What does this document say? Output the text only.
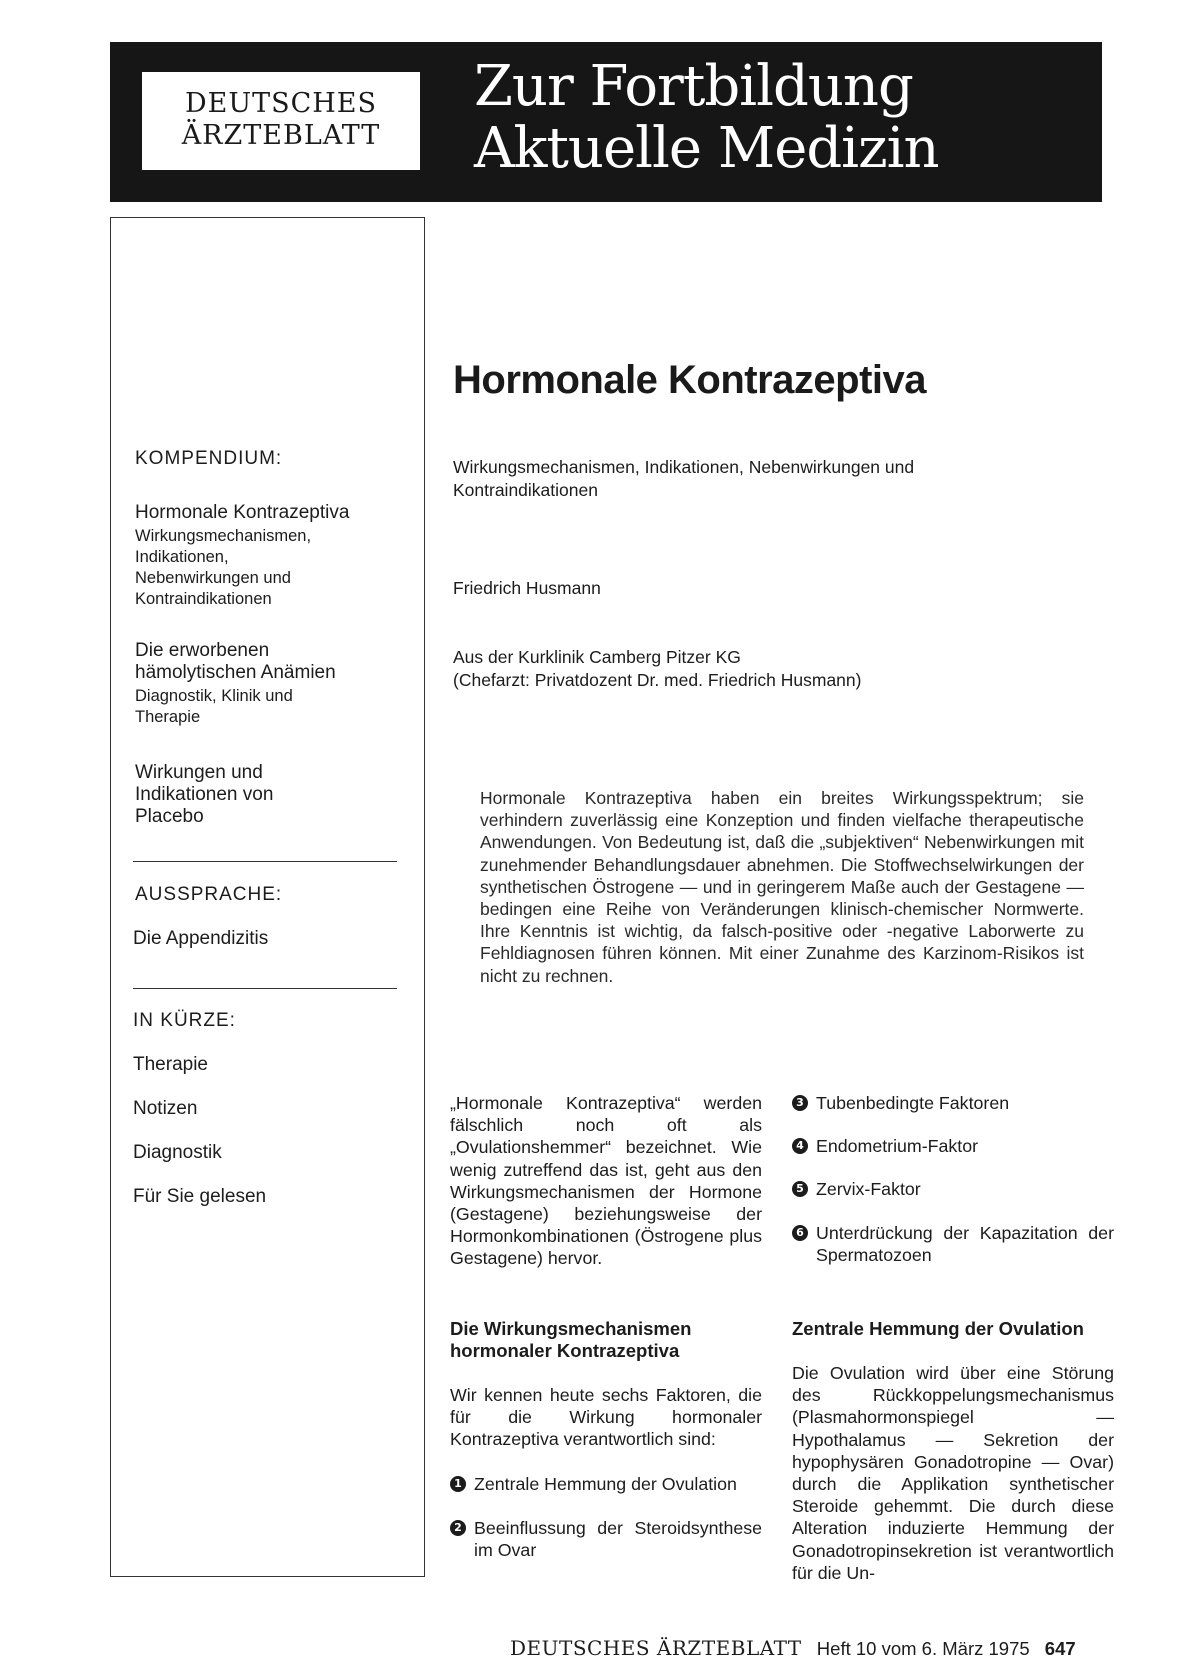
DEUTSCHES
ÄRZTEBLATT
Zur Fortbildung
Aktuelle Medizin

KOMPENDIUM:

Hormonale Kontrazeptiva

Wirkungsmechanismen, Indikationen, Nebenwirkungen und Kontraindikationen

Die erworbenen hämolytischen Anämien

Diagnostik, Klinik und Therapie

Wirkungen und Indikationen von Placebo

AUSSPRACHE:

Die Appendizitis

IN KÜRZE:

Therapie
Notizen
Diagnostik
Für Sie gelesen
Hormonale Kontrazeptiva
Wirkungsmechanismen, Indikationen, Nebenwirkungen und Kontraindikationen
Friedrich Husmann
Aus der Kurklinik Camberg Pitzer KG
(Chefarzt: Privatdozent Dr. med. Friedrich Husmann)
Hormonale Kontrazeptiva haben ein breites Wirkungsspektrum; sie verhindern zuverlässig eine Konzeption und finden vielfache therapeutische Anwendungen. Von Bedeutung ist, daß die „subjektiven“ Nebenwirkungen mit zunehmender Behandlungsdauer abnehmen. Die Stoffwechselwirkungen der synthetischen Östrogene — und in geringerem Maße auch der Gestagene — bedingen eine Reihe von Veränderungen klinisch-chemischer Normwerte. Ihre Kenntnis ist wichtig, da falsch-positive oder -negative Laborwerte zu Fehldiagnosen führen können. Mit einer Zunahme des Karzinom-Risikos ist nicht zu rechnen.

„Hormonale Kontrazeptiva“ werden fälschlich noch oft als „Ovulationshemmer“ bezeichnet. Wie wenig zutreffend das ist, geht aus den Wirkungsmechanismen der Hormone (Gestagene) beziehungsweise der Hormonkombinationen (Östrogene plus Gestagene) hervor.

3 Tubenbedingte Faktoren
4 Endometrium-Faktor
5 Zervix-Faktor
6 Unterdrückung der Kapazitation der Spermatozoen
Die Wirkungsmechanismen hormonaler Kontrazeptiva

Wir kennen heute sechs Faktoren, die für die Wirkung hormonaler Kontrazeptiva verantwortlich sind:

1 Zentrale Hemmung der Ovulation
2 Beeinflussung der Steroidsynthese im Ovar
Zentrale Hemmung der Ovulation

Die Ovulation wird über eine Störung des Rückkoppelungsmechanismus (Plasmahormonspiegel — Hypothalamus — Sekretion der hypophysären Gonadotropine — Ovar) durch die Applikation synthetischer Steroide gehemmt. Die durch diese Alteration induzierte Hemmung der Gonadotropinsekretion ist verantwortlich für die Un-

DEUTSCHES ÄRZTEBLATT Heft 10 vom 6. März 1975 647
